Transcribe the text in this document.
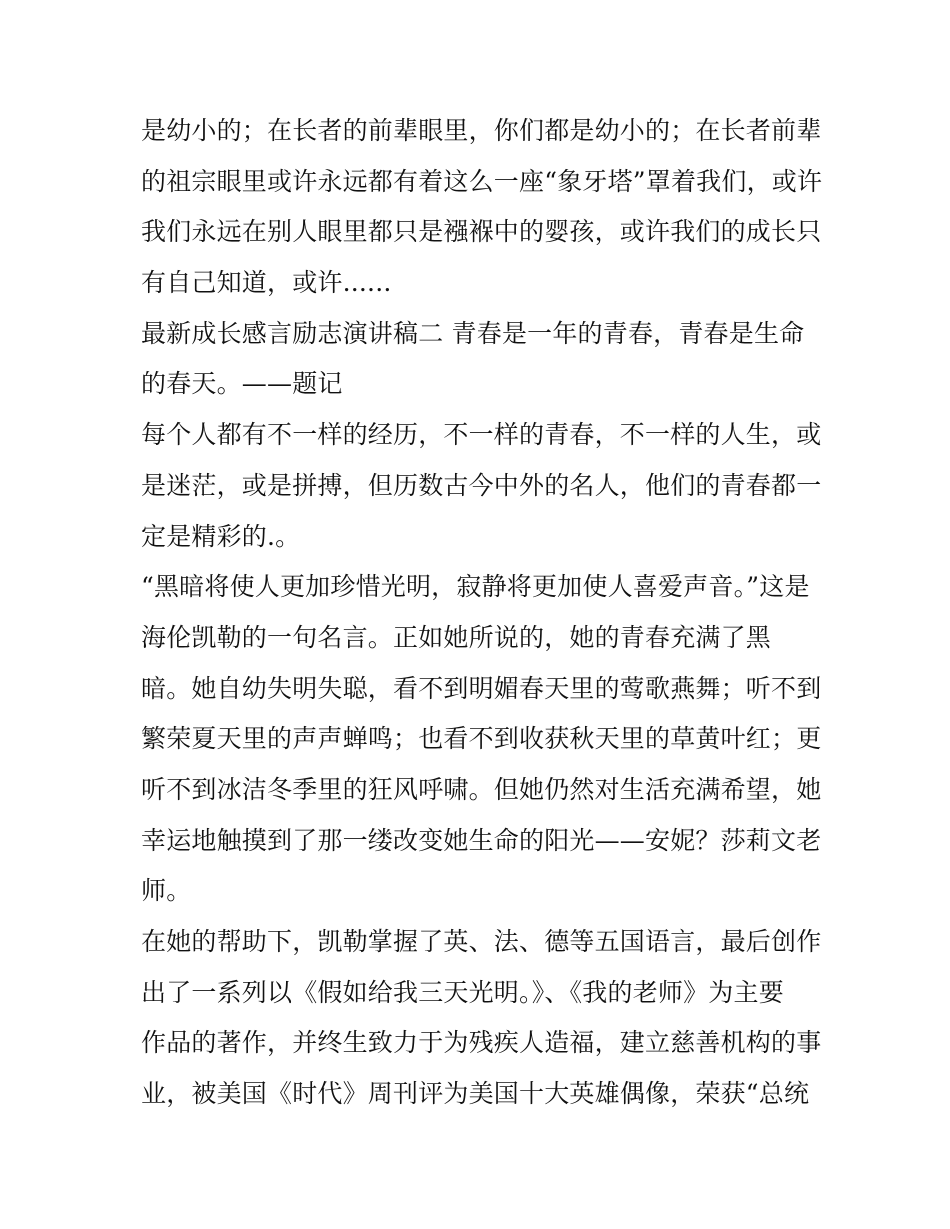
是幼小的；在长者的前辈眼里，你们都是幼小的；在长者前辈
的祖宗眼里或许永远都有着这么一座“象牙塔”罩着我们，或许
我们永远在别人眼里都只是襁褓中的婴孩，或许我们的成长只
有自己知道，或许......
最新成长感言励志演讲稿二 青春是一年的青春，青春是生命
的春天。——题记
每个人都有不一样的经历，不一样的青春，不一样的人生，或
是迷茫，或是拼搏，但历数古今中外的名人，他们的青春都一
定是精彩的.。
“黑暗将使人更加珍惜光明，寂静将更加使人喜爱声音。”这是
海伦凯勒的一句名言。正如她所说的，她的青春充满了黑
暗。她自幼失明失聪，看不到明媚春天里的莺歌燕舞；听不到
繁荣夏天里的声声蝉鸣；也看不到收获秋天里的草黄叶红；更
听不到冰洁冬季里的狂风呼啸。但她仍然对生活充满希望，她
幸运地触摸到了那一缕改变她生命的阳光——安妮？莎莉文老
师。
在她的帮助下，凯勒掌握了英、法、德等五国语言，最后创作
出了一系列以《假如给我三天光明。》、《我的老师》为主要
作品的著作，并终生致力于为残疾人造福，建立慈善机构的事
业，被美国《时代》周刊评为美国十大英雄偶像，荣获“总统
